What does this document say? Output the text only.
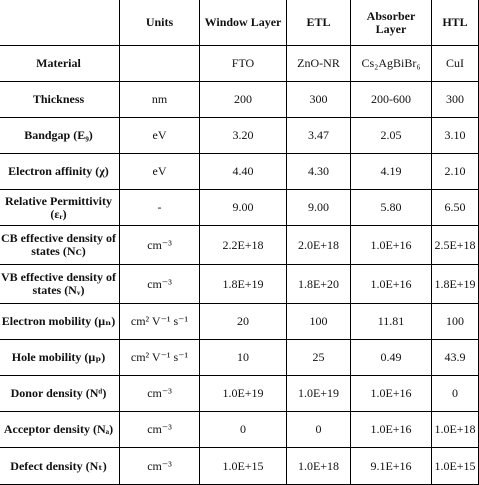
	Units	Window Layer	ETL	Absorber Layer	HTL
Material		FTO	ZnO-NR	Cs₂AgBiBr₆	CuI
Thickness	nm	200	300	200-600	300
Bandgap (E₉)	eV	3.20	3.47	2.05	3.10
Electron affinity (χ)	eV	4.40	4.30	4.19	2.10
Relative Permittivity (εᵣ)	-	9.00	9.00	5.80	6.50
CB effective density of states (Nᴄ)	cm⁻³	2.2E+18	2.0E+18	1.0E+16	2.5E+18
VB effective density of states (Nᵥ)	cm⁻³	1.8E+19	1.8E+20	1.0E+16	1.8E+19
Electron mobility (μₙ)	cm² V⁻¹ s⁻¹	20	100	11.81	100
Hole mobility (μₚ)	cm² V⁻¹ s⁻¹	10	25	0.49	43.9
Donor density (Nᵈ)	cm⁻³	1.0E+19	1.0E+19	1.0E+16	0
Acceptor density (Nₐ)	cm⁻³	0	0	1.0E+16	1.0E+18
Defect density (Nₜ)	cm⁻³	1.0E+15	1.0E+18	9.1E+16	1.0E+15
